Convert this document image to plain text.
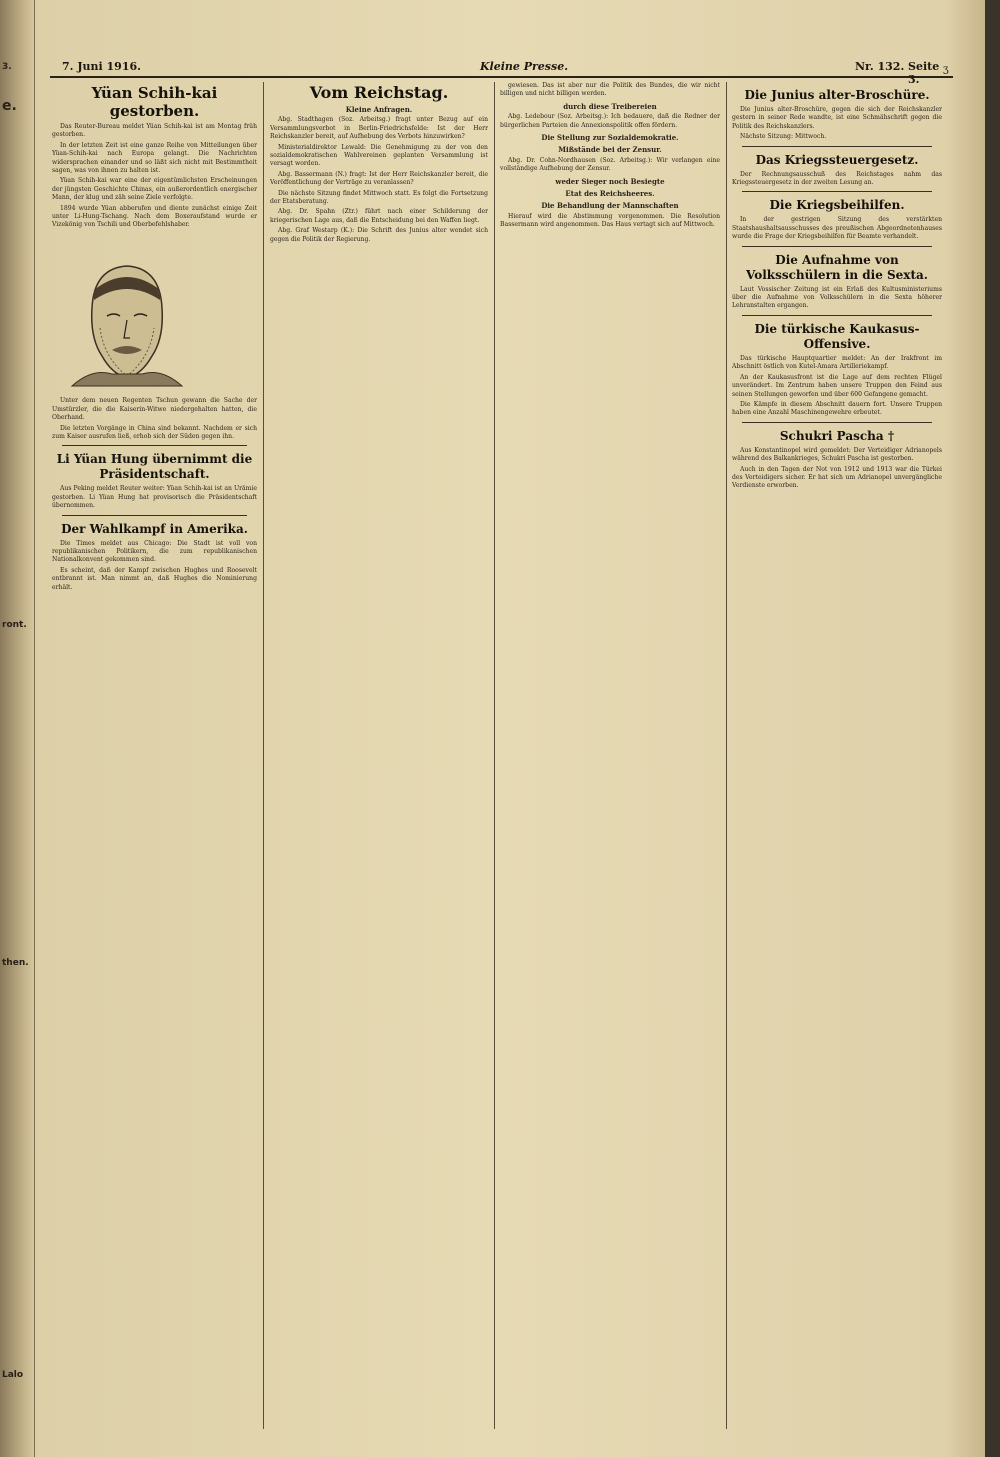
3.
e.
ront.
then.
Lalo
7. Juni 1916.	Kleine Presse.	Nr. 132. Seite 3.
ʒ
Yüan Schih-kai gestorben.

Das Reuter-Bureau meldet Yüan Schih-kai ist am Montag früh gestorben.

In der letzten Zeit ist eine ganze Reihe von Mitteilungen über Yüan-Schih-kai nach Europa gelangt. Die Nachrichten widersprachen einander und so läßt sich nicht mit Bestimmtheit sagen, was von ihnen zu halten ist.

Yüan Schih-kai war eine der eigentümlichsten Erscheinungen der jüngsten Geschichte Chinas, ein außerordentlich energischer Mann, der klug und zäh seine Ziele verfolgte.

1894 wurde Yüan abberufen und diente zunächst einige Zeit unter Li-Hung-Tschang. Nach dem Boxeraufstand wurde er Vizekönig von Tschili und Oberbefehlshaber.

Unter dem neuen Regenten Tschun gewann die Sache der Umstürzler, die die Kaiserin-Witwe niedergehalten hatten, die Oberhand.

Die letzten Vorgänge in China sind bekannt. Nachdem er sich zum Kaiser ausrufen ließ, erhob sich der Süden gegen ihn.

Li Yüan Hung übernimmt die Präsidentschaft.

Aus Peking meldet Reuter weiter: Yüan Schih-kai ist an Urämie gestorben. Li Yüan Hung hat provisorisch die Präsidentschaft übernommen.

Der Wahlkampf in Amerika.

Die Times meldet aus Chicago: Die Stadt ist voll von republikanischen Politikern, die zum republikanischen Nationalkonvent gekommen sind.

Es scheint, daß der Kampf zwischen Hughes und Roosevelt entbrannt ist. Man nimmt an, daß Hughes die Nominierung erhält.

Vom Reichstag.
Kleine Anfragen.

Abg. Stadthagen (Soz. Arbeitsg.) fragt unter Bezug auf ein Versammlungsverbot in Berlin-Friedrichsfelde: Ist der Herr Reichskanzler bereit, auf Aufhebung des Verbots hinzuwirken?

Ministerialdirektor Lewald: Die Genehmigung zu der von den sozialdemokratischen Wahlvereinen geplanten Versammlung ist versagt worden.

Abg. Bassermann (N.) fragt: Ist der Herr Reichskanzler bereit, die Veröffentlichung der Verträge zu veranlassen?

Die nächste Sitzung findet Mittwoch statt. Es folgt die Fortsetzung der Etatsberatung.

Abg. Dr. Spahn (Ztr.) führt nach einer Schilderung der kriegerischen Lage aus, daß die Entscheidung bei den Waffen liegt.

Abg. Graf Westarp (K.): Die Schrift des Junius alter wendet sich gegen die Politik der Regierung.

gewiesen. Das ist aber nur die Politik des Bundes, die wir nicht billigen und nicht billigen werden.

durch diese Treibereien

Abg. Ledebour (Soz. Arbeitsg.): Ich bedauere, daß die Redner der bürgerlichen Parteien die Annexionspolitik offen fördern.

Die Stellung zur Sozialdemokratie.
Mißstände bei der Zensur.

Abg. Dr. Cohn-Nordhausen (Soz. Arbeitsg.): Wir verlangen eine vollständige Aufhebung der Zensur.

weder Sieger noch Besiegte
Etat des Reichsheeres.
Die Behandlung der Mannschaften

Hierauf wird die Abstimmung vorgenommen. Die Resolution Bassermann wird angenommen. Das Haus vertagt sich auf Mittwoch.

Die Junius alter-Broschüre.

Die Junius alter-Broschüre, gegen die sich der Reichskanzler gestern in seiner Rede wandte, ist eine Schmähschrift gegen die Politik des Reichskanzlers.

Nächste Sitzung: Mittwoch.

Das Kriegssteuergesetz.

Der Rechnungsausschuß des Reichstages nahm das Kriegssteuergesetz in der zweiten Lesung an.

Die Kriegsbeihilfen.

In der gestrigen Sitzung des verstärkten Staatshaushaltsausschusses des preußischen Abgeordnetenhauses wurde die Frage der Kriegsbeihilfen für Beamte verhandelt.

Die Aufnahme von Volksschülern in die Sexta.

Laut Vossischer Zeitung ist ein Erlaß des Kultusministeriums über die Aufnahme von Volksschülern in die Sexta höherer Lehranstalten ergangen.

Die türkische Kaukasus-Offensive.

Das türkische Hauptquartier meldet: An der Irakfront im Abschnitt östlich von Kutel-Amara Artilleriekampf.

An der Kaukasusfront ist die Lage auf dem rechten Flügel unverändert. Im Zentrum haben unsere Truppen den Feind aus seinen Stellungen geworfen und über 600 Gefangene gemacht.

Die Kämpfe in diesem Abschnitt dauern fort. Unsere Truppen haben eine Anzahl Maschinengewehre erbeutet.

Schukri Pascha †

Aus Konstantinopel wird gemeldet: Der Verteidiger Adrianopels während des Balkankrieges, Schukri Pascha ist gestorben.

Auch in den Tagen der Not von 1912 und 1913 war die Türkei des Verteidigers sicher. Er hat sich um Adrianopel unvergängliche Verdienste erworben.
